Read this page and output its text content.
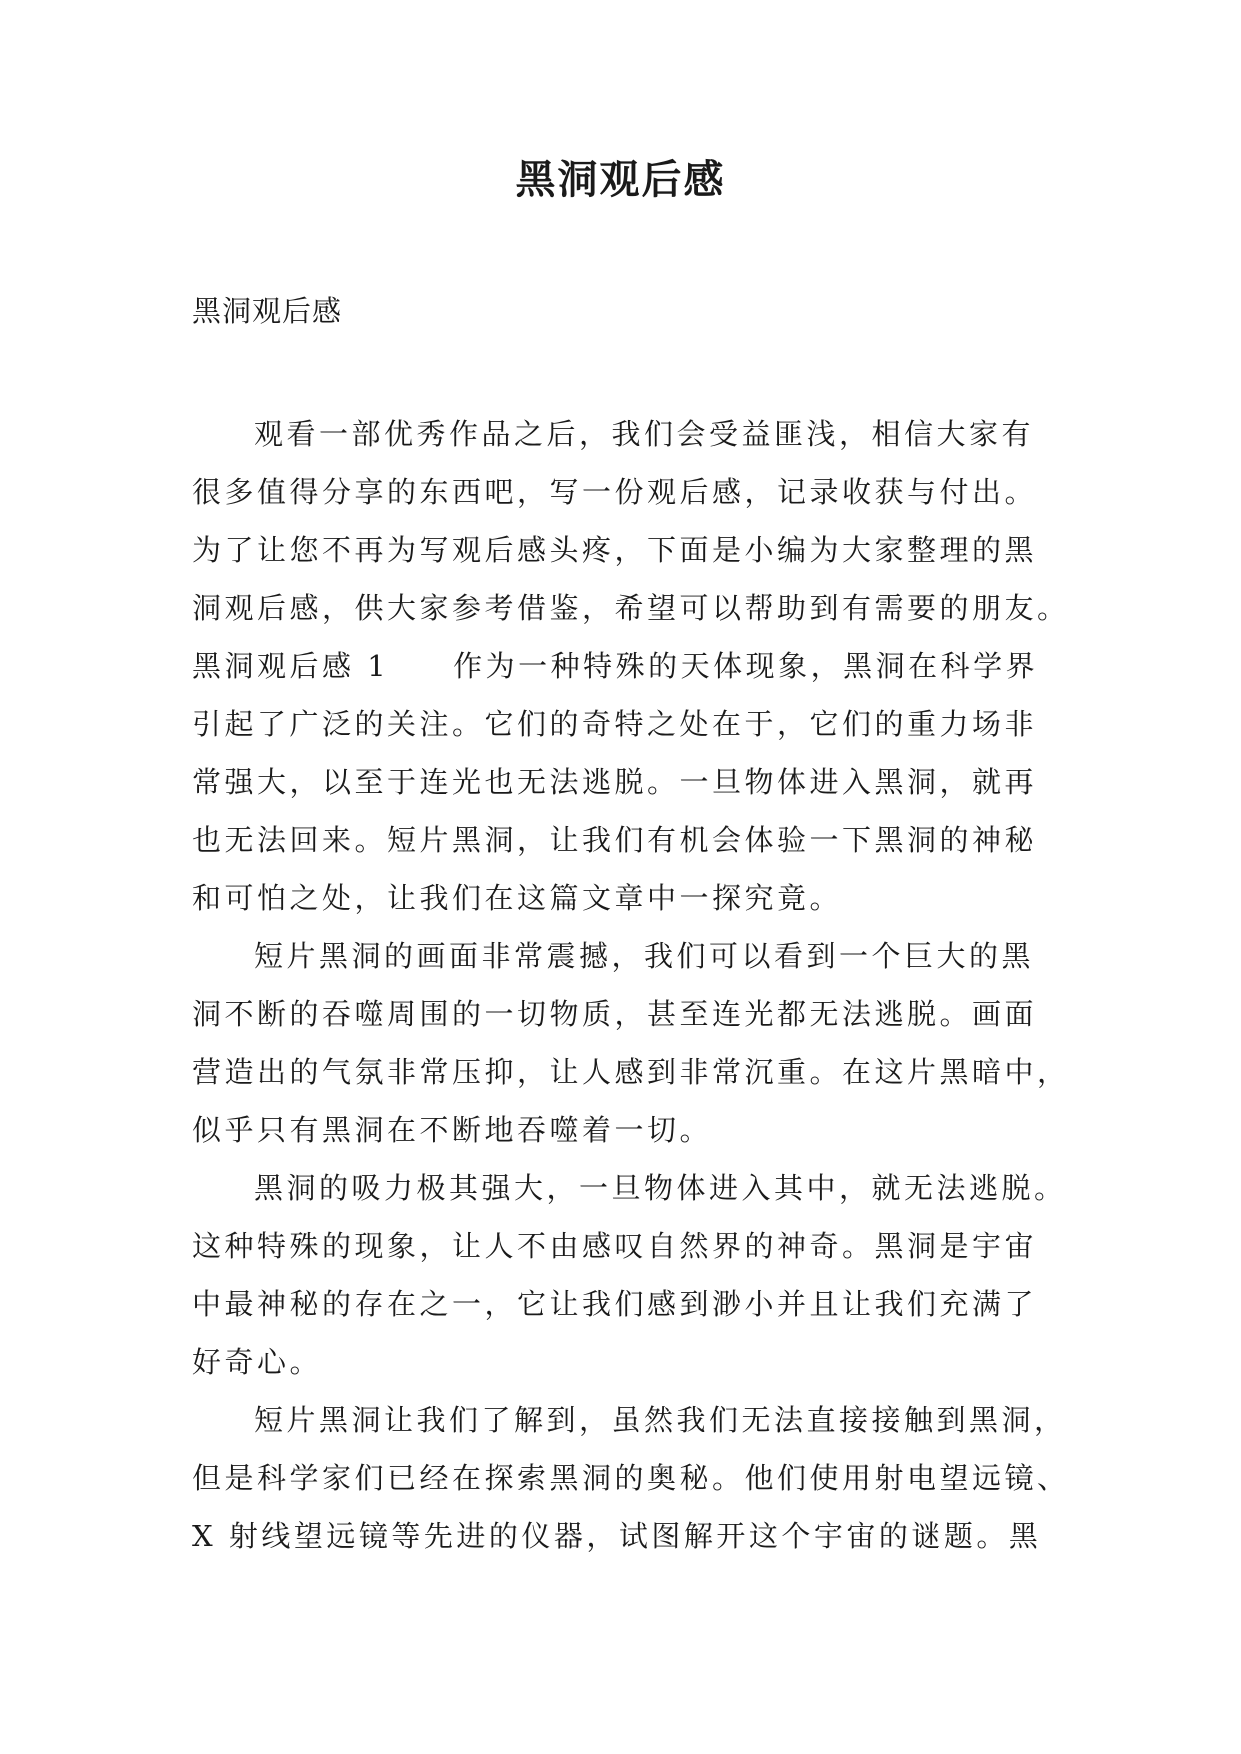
黑洞观后感

黑洞观后感

观看一部优秀作品之后，我们会受益匪浅，相信大家有
很多值得分享的东西吧，写一份观后感，记录收获与付出。
为了让您不再为写观后感头疼，下面是小编为大家整理的黑
洞观后感，供大家参考借鉴，希望可以帮助到有需要的朋友。
黑洞观后感 1 作为一种特殊的天体现象，黑洞在科学界
引起了广泛的关注。它们的奇特之处在于，它们的重力场非
常强大，以至于连光也无法逃脱。一旦物体进入黑洞，就再
也无法回来。短片黑洞，让我们有机会体验一下黑洞的神秘
和可怕之处，让我们在这篇文章中一探究竟。
短片黑洞的画面非常震撼，我们可以看到一个巨大的黑
洞不断的吞噬周围的一切物质，甚至连光都无法逃脱。画面
营造出的气氛非常压抑，让人感到非常沉重。在这片黑暗中，
似乎只有黑洞在不断地吞噬着一切。
黑洞的吸力极其强大，一旦物体进入其中，就无法逃脱。
这种特殊的现象，让人不由感叹自然界的神奇。黑洞是宇宙
中最神秘的存在之一，它让我们感到渺小并且让我们充满了
好奇心。
短片黑洞让我们了解到，虽然我们无法直接接触到黑洞，
但是科学家们已经在探索黑洞的奥秘。他们使用射电望远镜、
X 射线望远镜等先进的仪器，试图解开这个宇宙的谜题。黑
